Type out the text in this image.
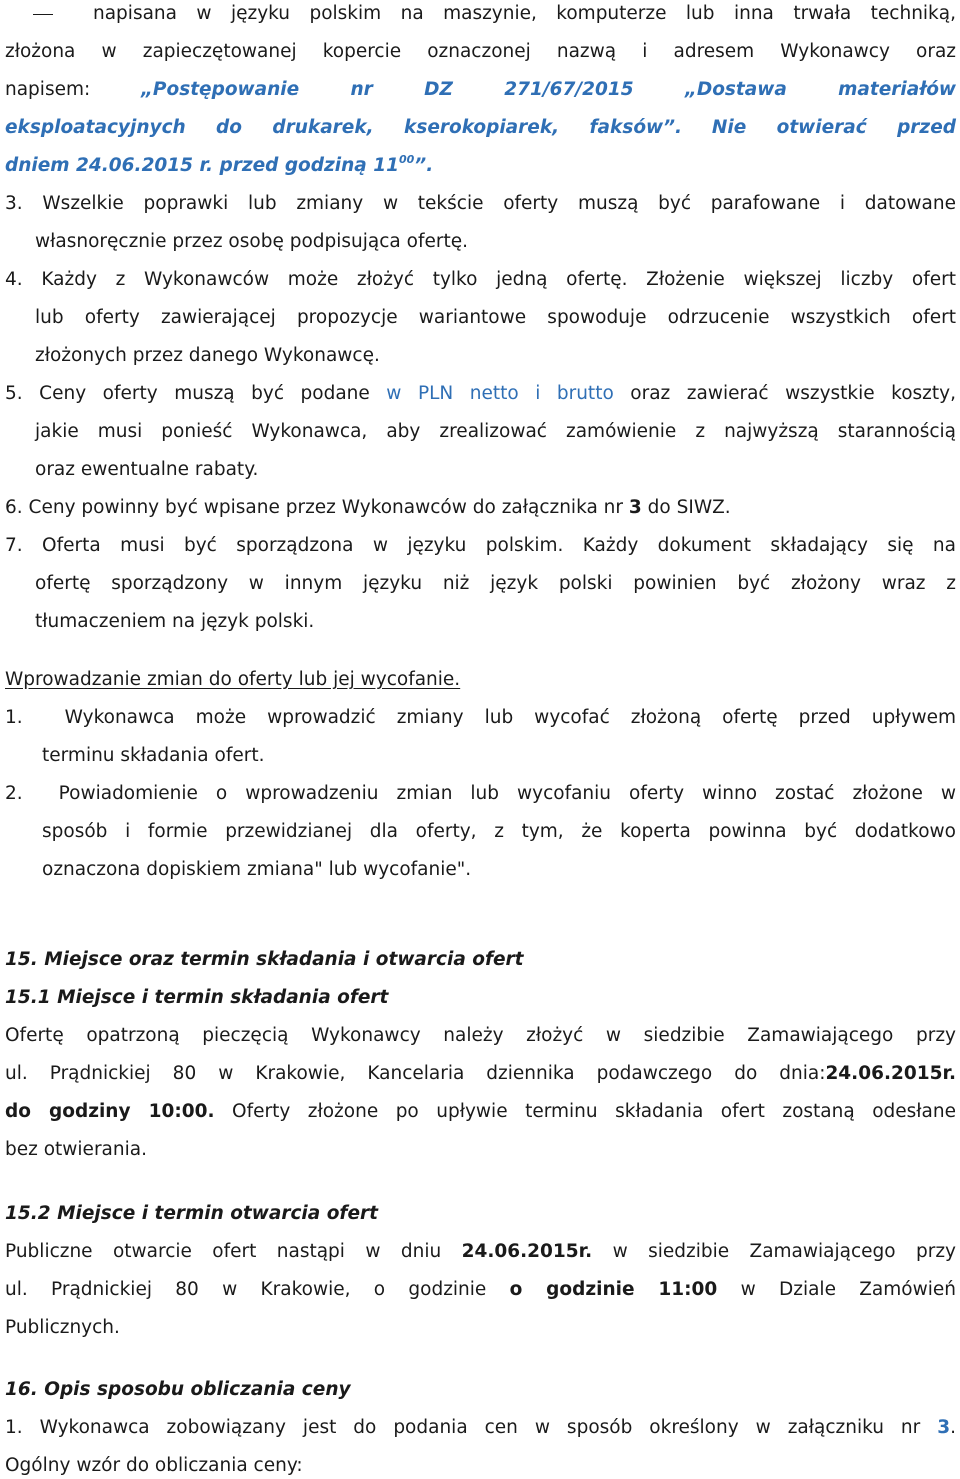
napisana w języku polskim na maszynie, komputerze lub inna trwała techniką,
złożona w zapieczętowanej kopercie oznaczonej nazwą i adresem Wykonawcy oraz
napisem:	„Postępowanie nr DZ 271/67/2015 „Dostawa materiałów
eksploatacyjnych do drukarek, kserokopiarek, faksów”. Nie otwierać przed
dniem 24.06.2015 r. przed godziną $11^{00}$”.
3. Wszelkie poprawki lub zmiany w tekście oferty muszą być parafowane i datowane
własnoręcznie przez osobę podpisująca ofertę.
4. Każdy z Wykonawców może złożyć tylko jedną ofertę. Złożenie większej liczby ofert
lub oferty zawierającej propozycje wariantowe spowoduje odrzucenie wszystkich ofert
złożonych przez danego Wykonawcę.
5. Ceny oferty muszą być podane w PLN netto i brutto oraz zawierać wszystkie koszty,
jakie musi ponieść Wykonawca, aby zrealizować zamówienie z najwyższą starannością
oraz ewentualne rabaty.
6. Ceny powinny być wpisane przez Wykonawców do załącznika nr 3 do SIWZ.
7. Oferta musi być sporządzona w języku polskim. Każdy dokument składający się na
ofertę sporządzony w innym języku niż język polski powinien być złożony wraz z
tłumaczeniem na język polski.
Wprowadzanie zmian do oferty lub jej wycofanie.
1. Wykonawca może wprowadzić zmiany lub wycofać złożoną ofertę przed upływem
terminu składania ofert.
2. Powiadomienie o wprowadzeniu zmian lub wycofaniu oferty winno zostać złożone w
sposób i formie przewidzianej dla oferty, z tym, że koperta powinna być dodatkowo
oznaczona dopiskiem zmiana" lub wycofanie".
15. Miejsce oraz termin składania i otwarcia ofert
15.1 Miejsce i termin składania ofert
Ofertę opatrzoną pieczęcią Wykonawcy należy złożyć w siedzibie Zamawiającego przy
ul. Prądnickiej 80 w Krakowie, Kancelaria dziennika podawczego do dnia:24.06.2015r.
do godziny 10:00. Oferty złożone po upływie terminu składania ofert zostaną odesłane
bez otwierania.
15.2 Miejsce i termin otwarcia ofert
Publiczne otwarcie ofert nastąpi w dniu 24.06.2015r. w siedzibie Zamawiającego przy
ul. Prądnickiej 80 w Krakowie, o godzinie o godzinie 11:00 w Dziale Zamówień
Publicznych.
16. Opis sposobu obliczania ceny
1. Wykonawca zobowiązany jest do podania cen w sposób określony w załączniku nr 3.
Ogólny wzór do obliczania ceny:
